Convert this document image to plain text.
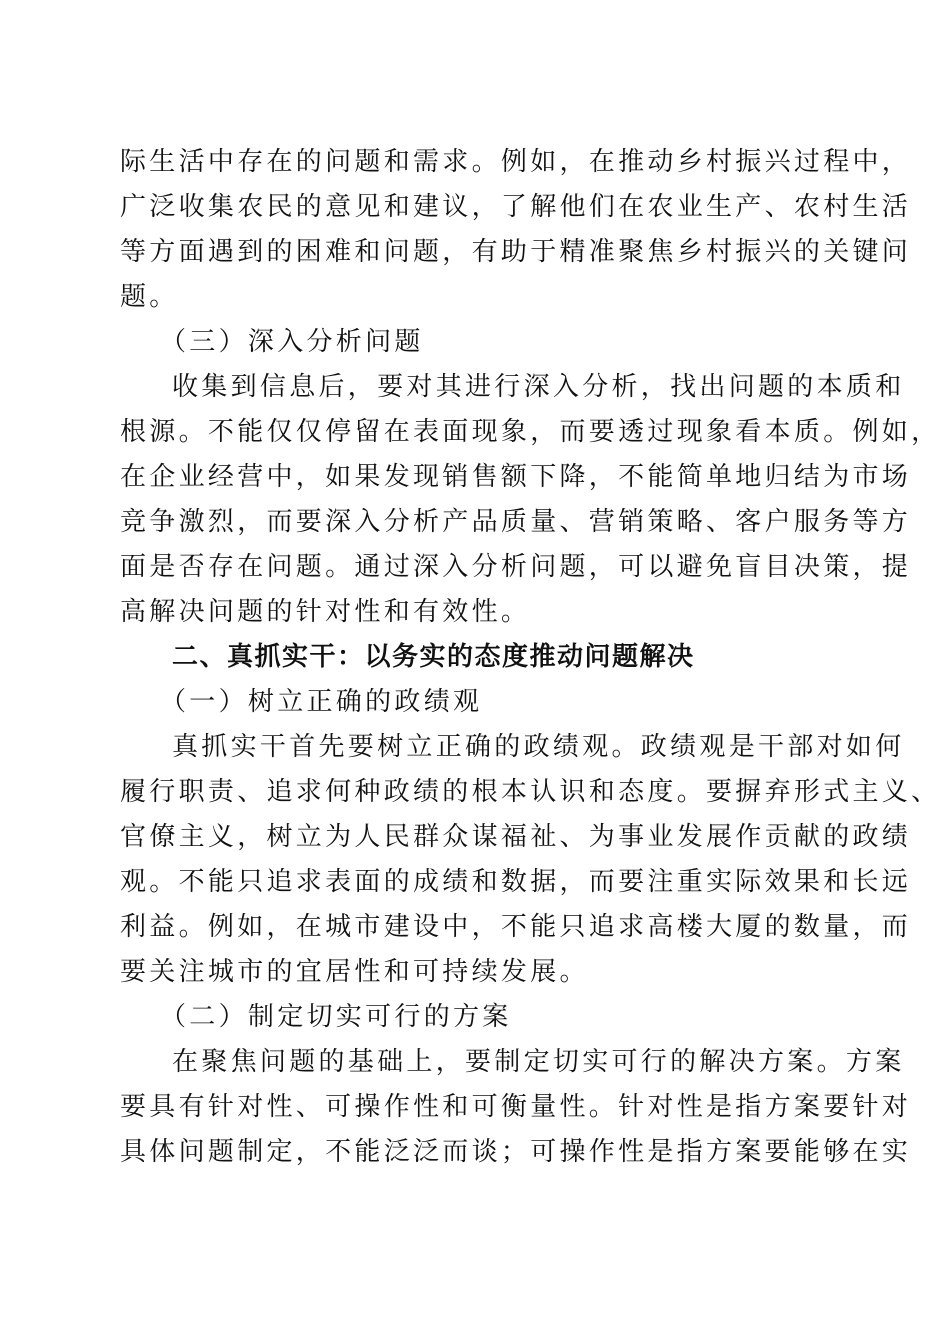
际生活中存在的问题和需求。例如，在推动乡村振兴过程中，
广泛收集农民的意见和建议，了解他们在农业生产、农村生活
等方面遇到的困难和问题，有助于精准聚焦乡村振兴的关键问
题。
（三）深入分析问题
收集到信息后，要对其进行深入分析，找出问题的本质和
根源。不能仅仅停留在表面现象，而要透过现象看本质。例如，
在企业经营中，如果发现销售额下降，不能简单地归结为市场
竞争激烈，而要深入分析产品质量、营销策略、客户服务等方
面是否存在问题。通过深入分析问题，可以避免盲目决策，提
高解决问题的针对性和有效性。
二、真抓实干：以务实的态度推动问题解决
（一）树立正确的政绩观
真抓实干首先要树立正确的政绩观。政绩观是干部对如何
履行职责、追求何种政绩的根本认识和态度。要摒弃形式主义、
官僚主义，树立为人民群众谋福祉、为事业发展作贡献的政绩
观。不能只追求表面的成绩和数据，而要注重实际效果和长远
利益。例如，在城市建设中，不能只追求高楼大厦的数量，而
要关注城市的宜居性和可持续发展。
（二）制定切实可行的方案
在聚焦问题的基础上，要制定切实可行的解决方案。方案
要具有针对性、可操作性和可衡量性。针对性是指方案要针对
具体问题制定，不能泛泛而谈；可操作性是指方案要能够在实
